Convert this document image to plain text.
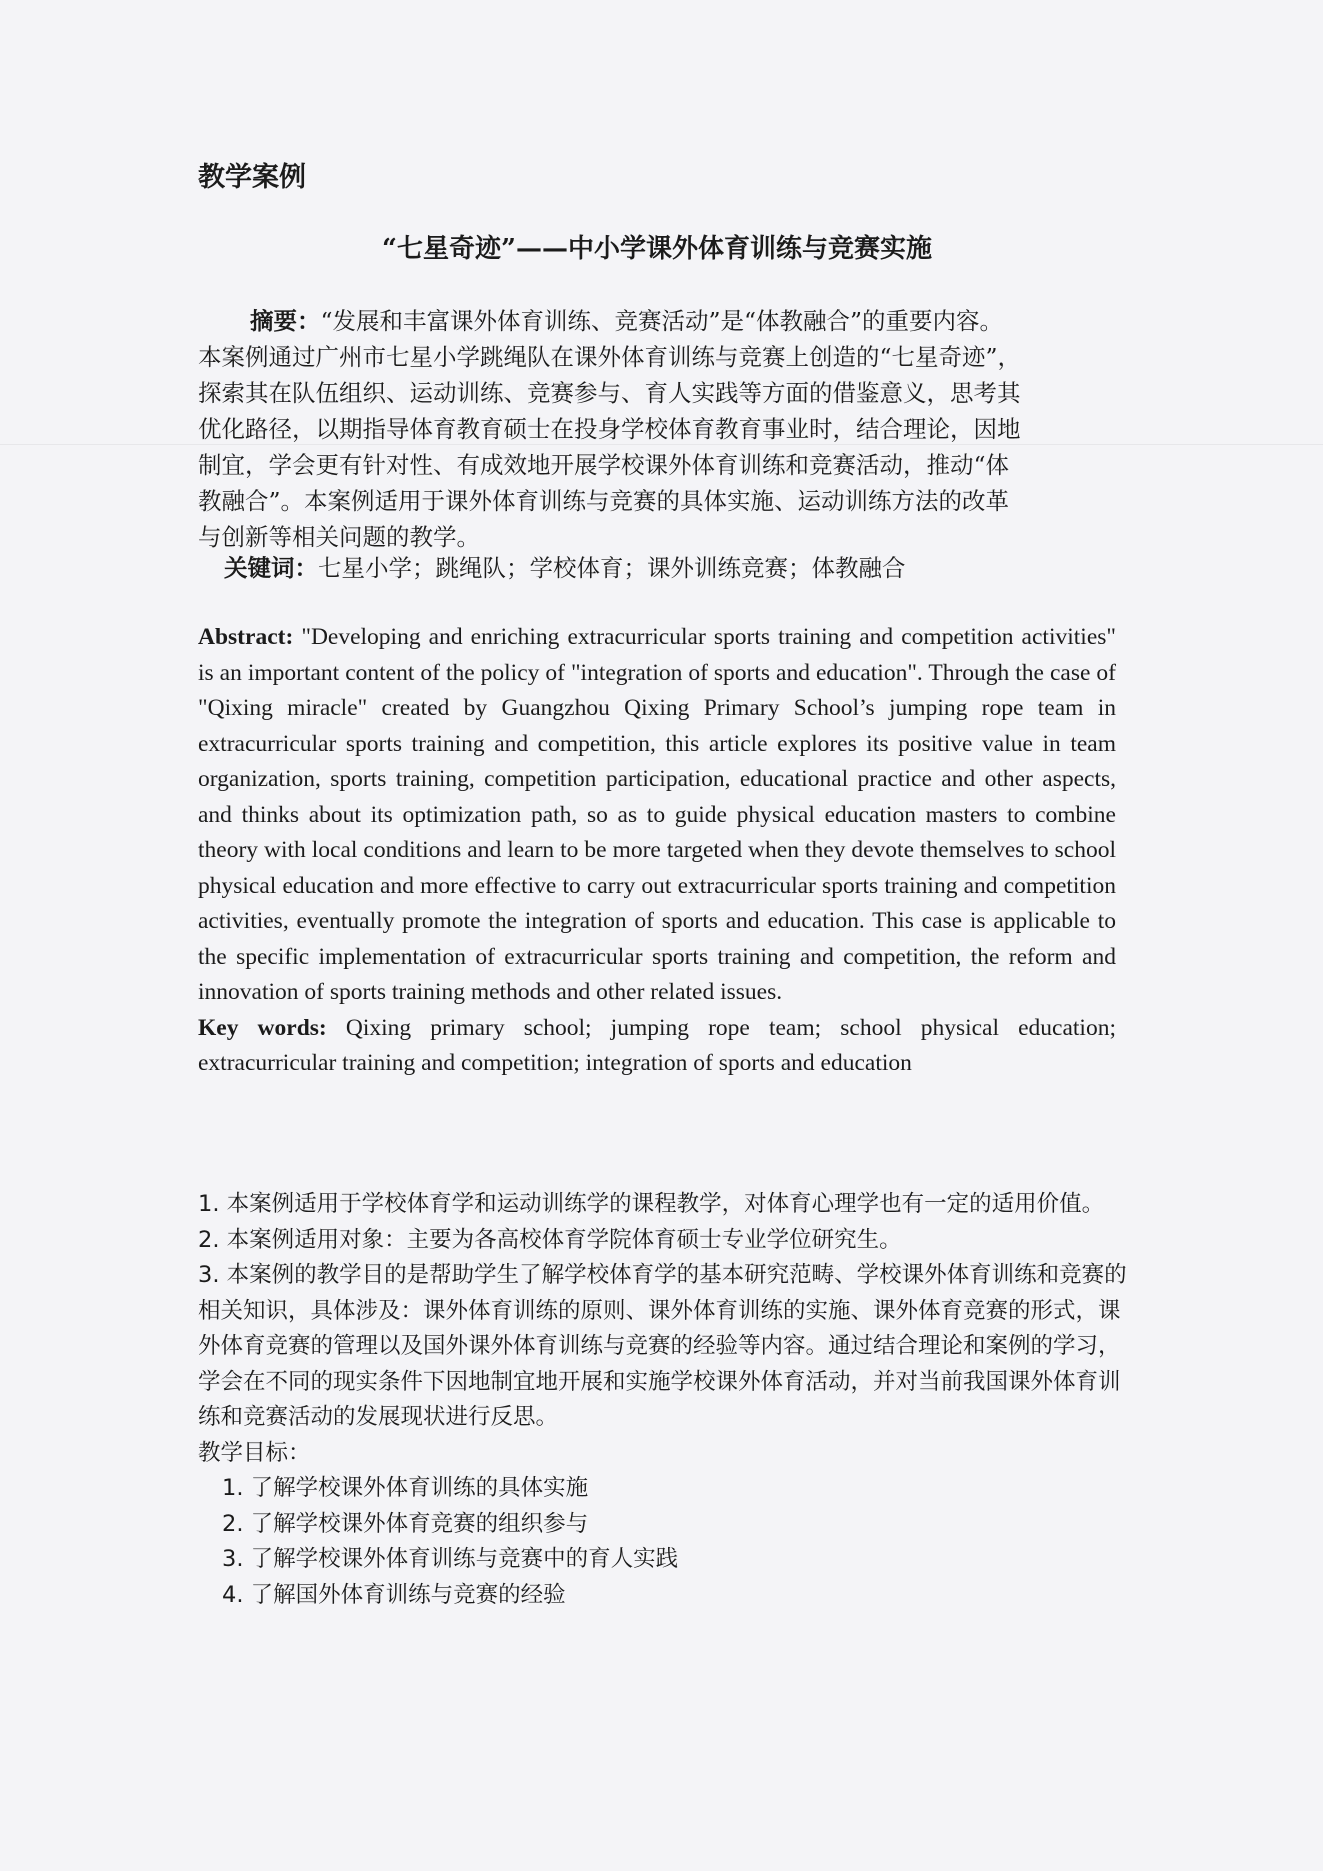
教学案例
“七星奇迹”——中小学课外体育训练与竞赛实施

摘要：“发展和丰富课外体育训练、竞赛活动”是“体教融合”的重要内容。

本案例通过广州市七星小学跳绳队在课外体育训练与竞赛上创造的“七星奇迹”，

探索其在队伍组织、运动训练、竞赛参与、育人实践等方面的借鉴意义，思考其

优化路径，以期指导体育教育硕士在投身学校体育教育事业时，结合理论，因地

制宜，学会更有针对性、有成效地开展学校课外体育训练和竞赛活动，推动“体

教融合”。本案例适用于课外体育训练与竞赛的具体实施、运动训练方法的改革

与创新等相关问题的教学。

关键词：七星小学；跳绳队；学校体育；课外训练竞赛；体教融合

Abstract: "Developing and enriching extracurricular sports training and competition activities" is an important content of the policy of "integration of sports and education". Through the case of "Qixing miracle" created by Guangzhou Qixing Primary School’s jumping rope team in extracurricular sports training and competition, this article explores its positive value in team organization, sports training, competition participation, educational practice and other aspects, and thinks about its optimization path, so as to guide physical education masters to combine theory with local conditions and learn to be more targeted when they devote themselves to school physical education and more effective to carry out extracurricular sports training and competition activities, eventually promote the integration of sports and education. This case is applicable to the specific implementation of extracurricular sports training and competition, the reform and innovation of sports training methods and other related issues.

Key words: Qixing primary school; jumping rope team; school physical education; extracurricular training and competition; integration of sports and education

1. 本案例适用于学校体育学和运动训练学的课程教学，对体育心理学也有一定的适用价值。

2. 本案例适用对象：主要为各高校体育学院体育硕士专业学位研究生。

3. 本案例的教学目的是帮助学生了解学校体育学的基本研究范畴、学校课外体育训练和竞赛的相关知识，具体涉及：课外体育训练的原则、课外体育训练的实施、课外体育竞赛的形式，课外体育竞赛的管理以及国外课外体育训练与竞赛的经验等内容。通过结合理论和案例的学习，学会在不同的现实条件下因地制宜地开展和实施学校课外体育活动，并对当前我国课外体育训练和竞赛活动的发展现状进行反思。

教学目标：

1. 了解学校课外体育训练的具体实施
2. 了解学校课外体育竞赛的组织参与
3. 了解学校课外体育训练与竞赛中的育人实践
4. 了解国外体育训练与竞赛的经验
